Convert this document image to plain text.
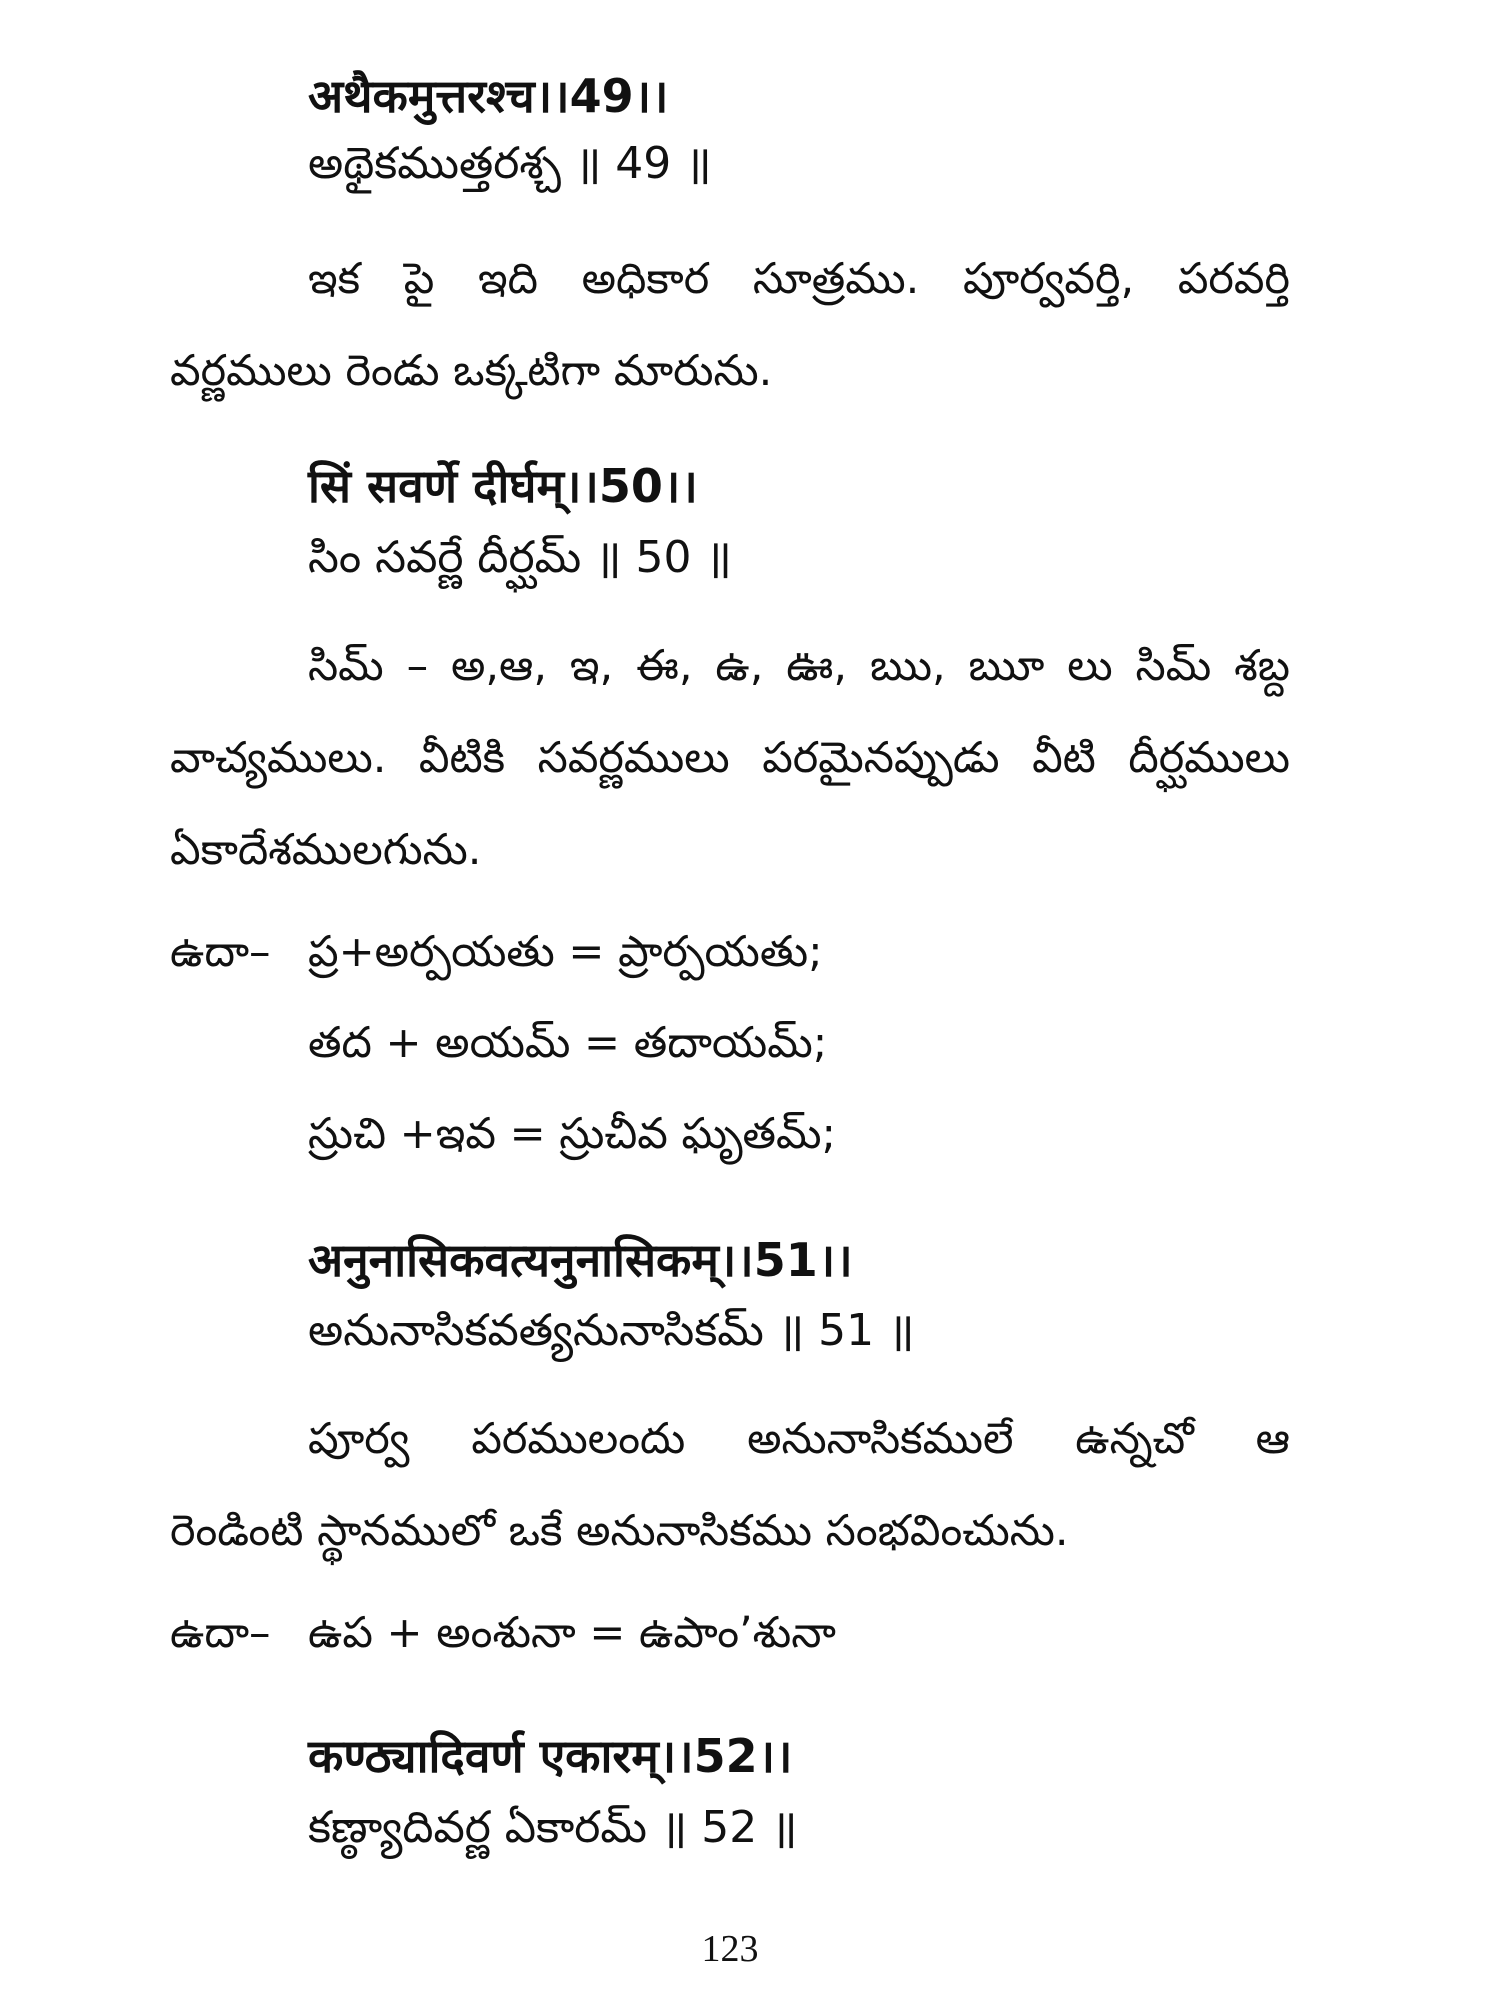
अथैकमुत्तरश्च।।49।।
అథైకముత్తరశ్చ ॥ 49 ॥
ఇక పై ఇది అధికార సూత్రము. పూర్వవర్తి, పరవర్తి
వర్ణములు రెండు ఒక్కటిగా మారును.
सिं सवर्णे दीर्घम्।।50।।
సిం సవర్ణే దీర్ఘమ్ ॥ 50 ॥
సిమ్ – అ,ఆ, ఇ, ఈ, ఉ, ఊ, ఋ, ౠ లు సిమ్ శబ్ద
వాచ్యములు. వీటికి సవర్ణములు పరమైనప్పుడు వీటి దీర్ఘములు
ఏకాదేశములగును.
ఉదా– ప్ర+అర్పయతు = ప్రార్పయతు;
తద + అయమ్ = తదాయమ్;
స్రుచి +ఇవ = స్రుచీవ ఘృతమ్;
अनुनासिकवत्यनुनासिकम्।।51।।
అనునాసికవత్యనునాసికమ్ ॥ 51 ॥
పూర్వ పరములందు అనునాసికములే ఉన్నచో ఆ
రెండింటి స్థానములో ఒకే అనునాసికము సంభవించును.
ఉదా– ఉప + అంశునా = ఉపాం’శునా
कण्ठ्यादिवर्ण एकारम्।।52।।
కణ్ఠ్యాదివర్ణ ఏకారమ్ ॥ 52 ॥
123
